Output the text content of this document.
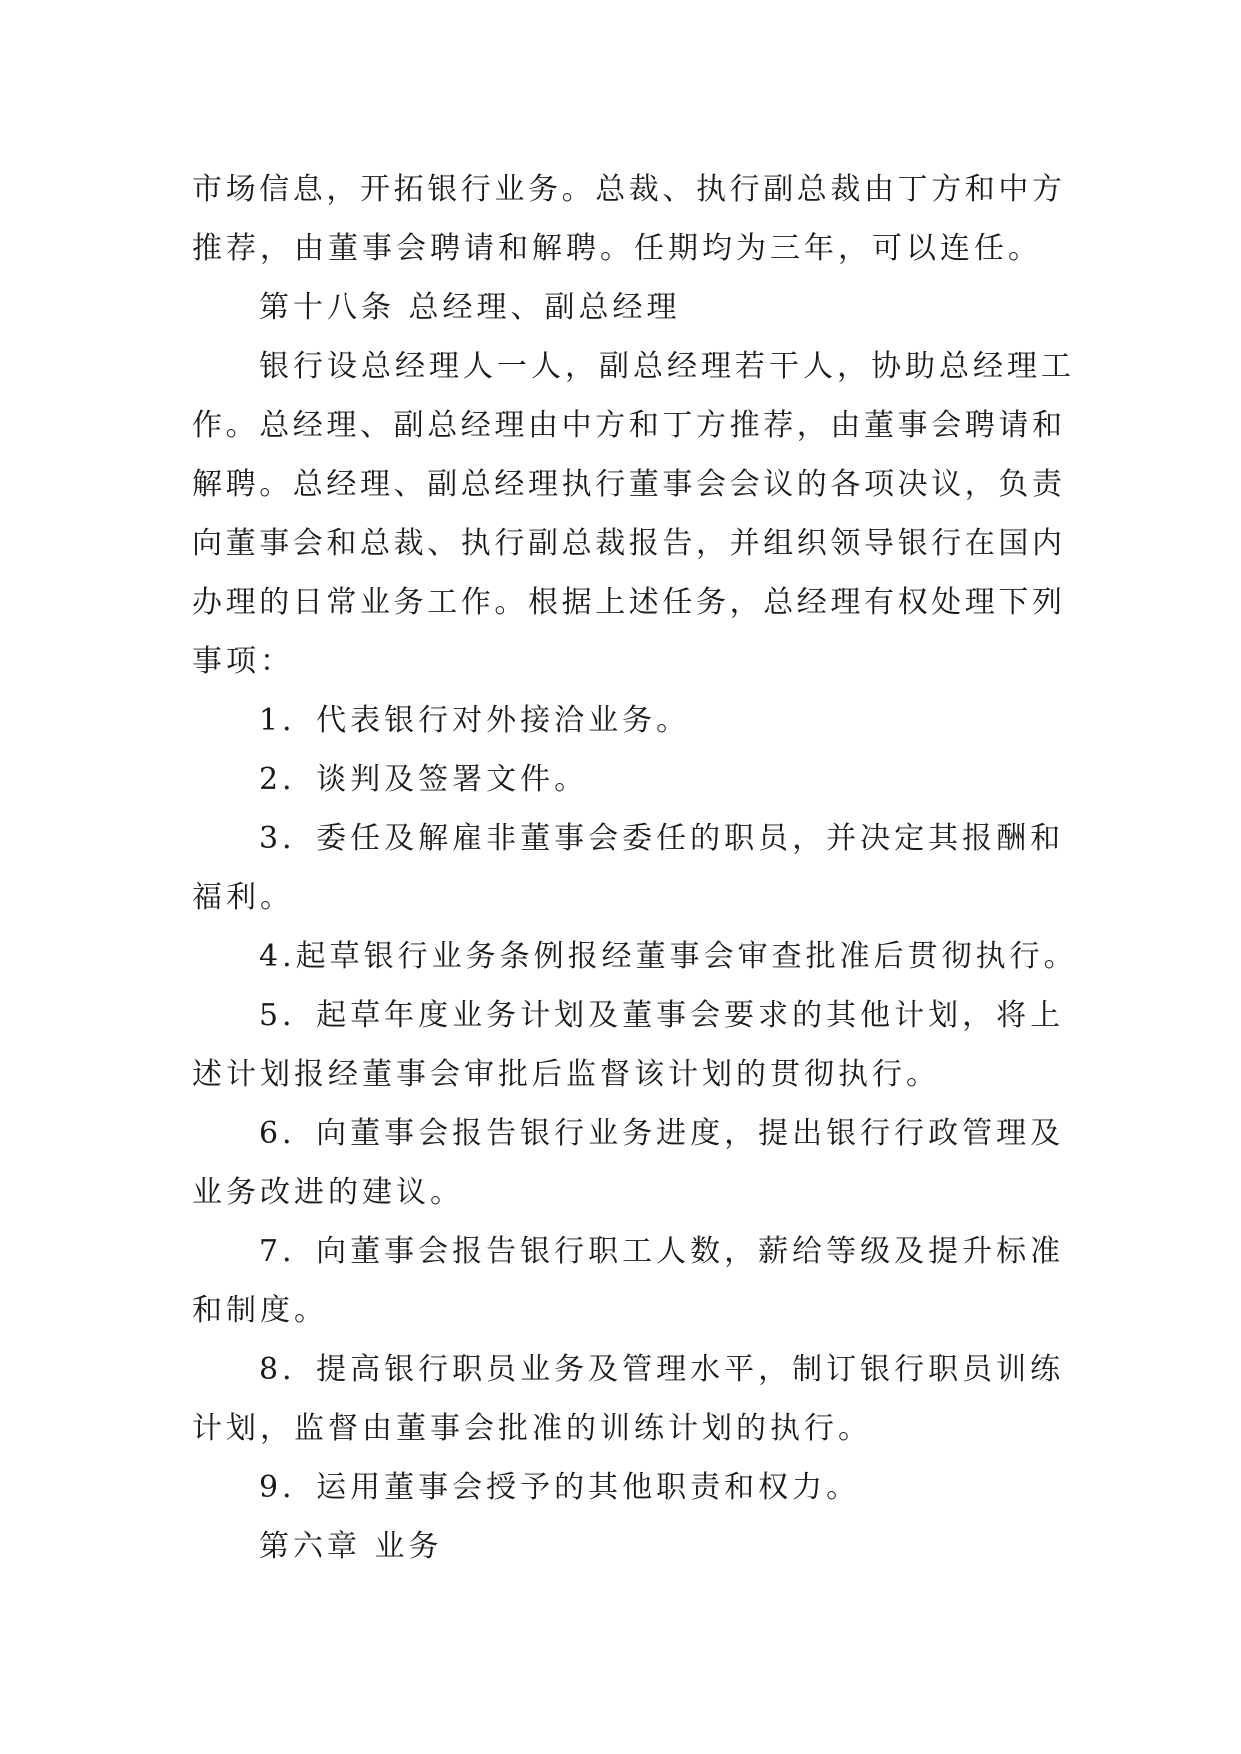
市场信息，开拓银行业务。总裁、执行副总裁由丁方和中方
推荐，由董事会聘请和解聘。任期均为三年，可以连任。
第十八条 总经理、副总经理
银行设总经理人一人，副总经理若干人，协助总经理工
作。总经理、副总经理由中方和丁方推荐，由董事会聘请和
解聘。总经理、副总经理执行董事会会议的各项决议，负责
向董事会和总裁、执行副总裁报告，并组织领导银行在国内
办理的日常业务工作。根据上述任务，总经理有权处理下列
事项：
1．代表银行对外接洽业务。
2．谈判及签署文件。
3．委任及解雇非董事会委任的职员，并决定其报酬和
福利。
4.起草银行业务条例报经董事会审查批准后贯彻执行。
5．起草年度业务计划及董事会要求的其他计划，将上
述计划报经董事会审批后监督该计划的贯彻执行。
6．向董事会报告银行业务进度，提出银行行政管理及
业务改进的建议。
7．向董事会报告银行职工人数，薪给等级及提升标准
和制度。
8．提高银行职员业务及管理水平，制订银行职员训练
计划，监督由董事会批准的训练计划的执行。
9．运用董事会授予的其他职责和权力。
第六章 业务
